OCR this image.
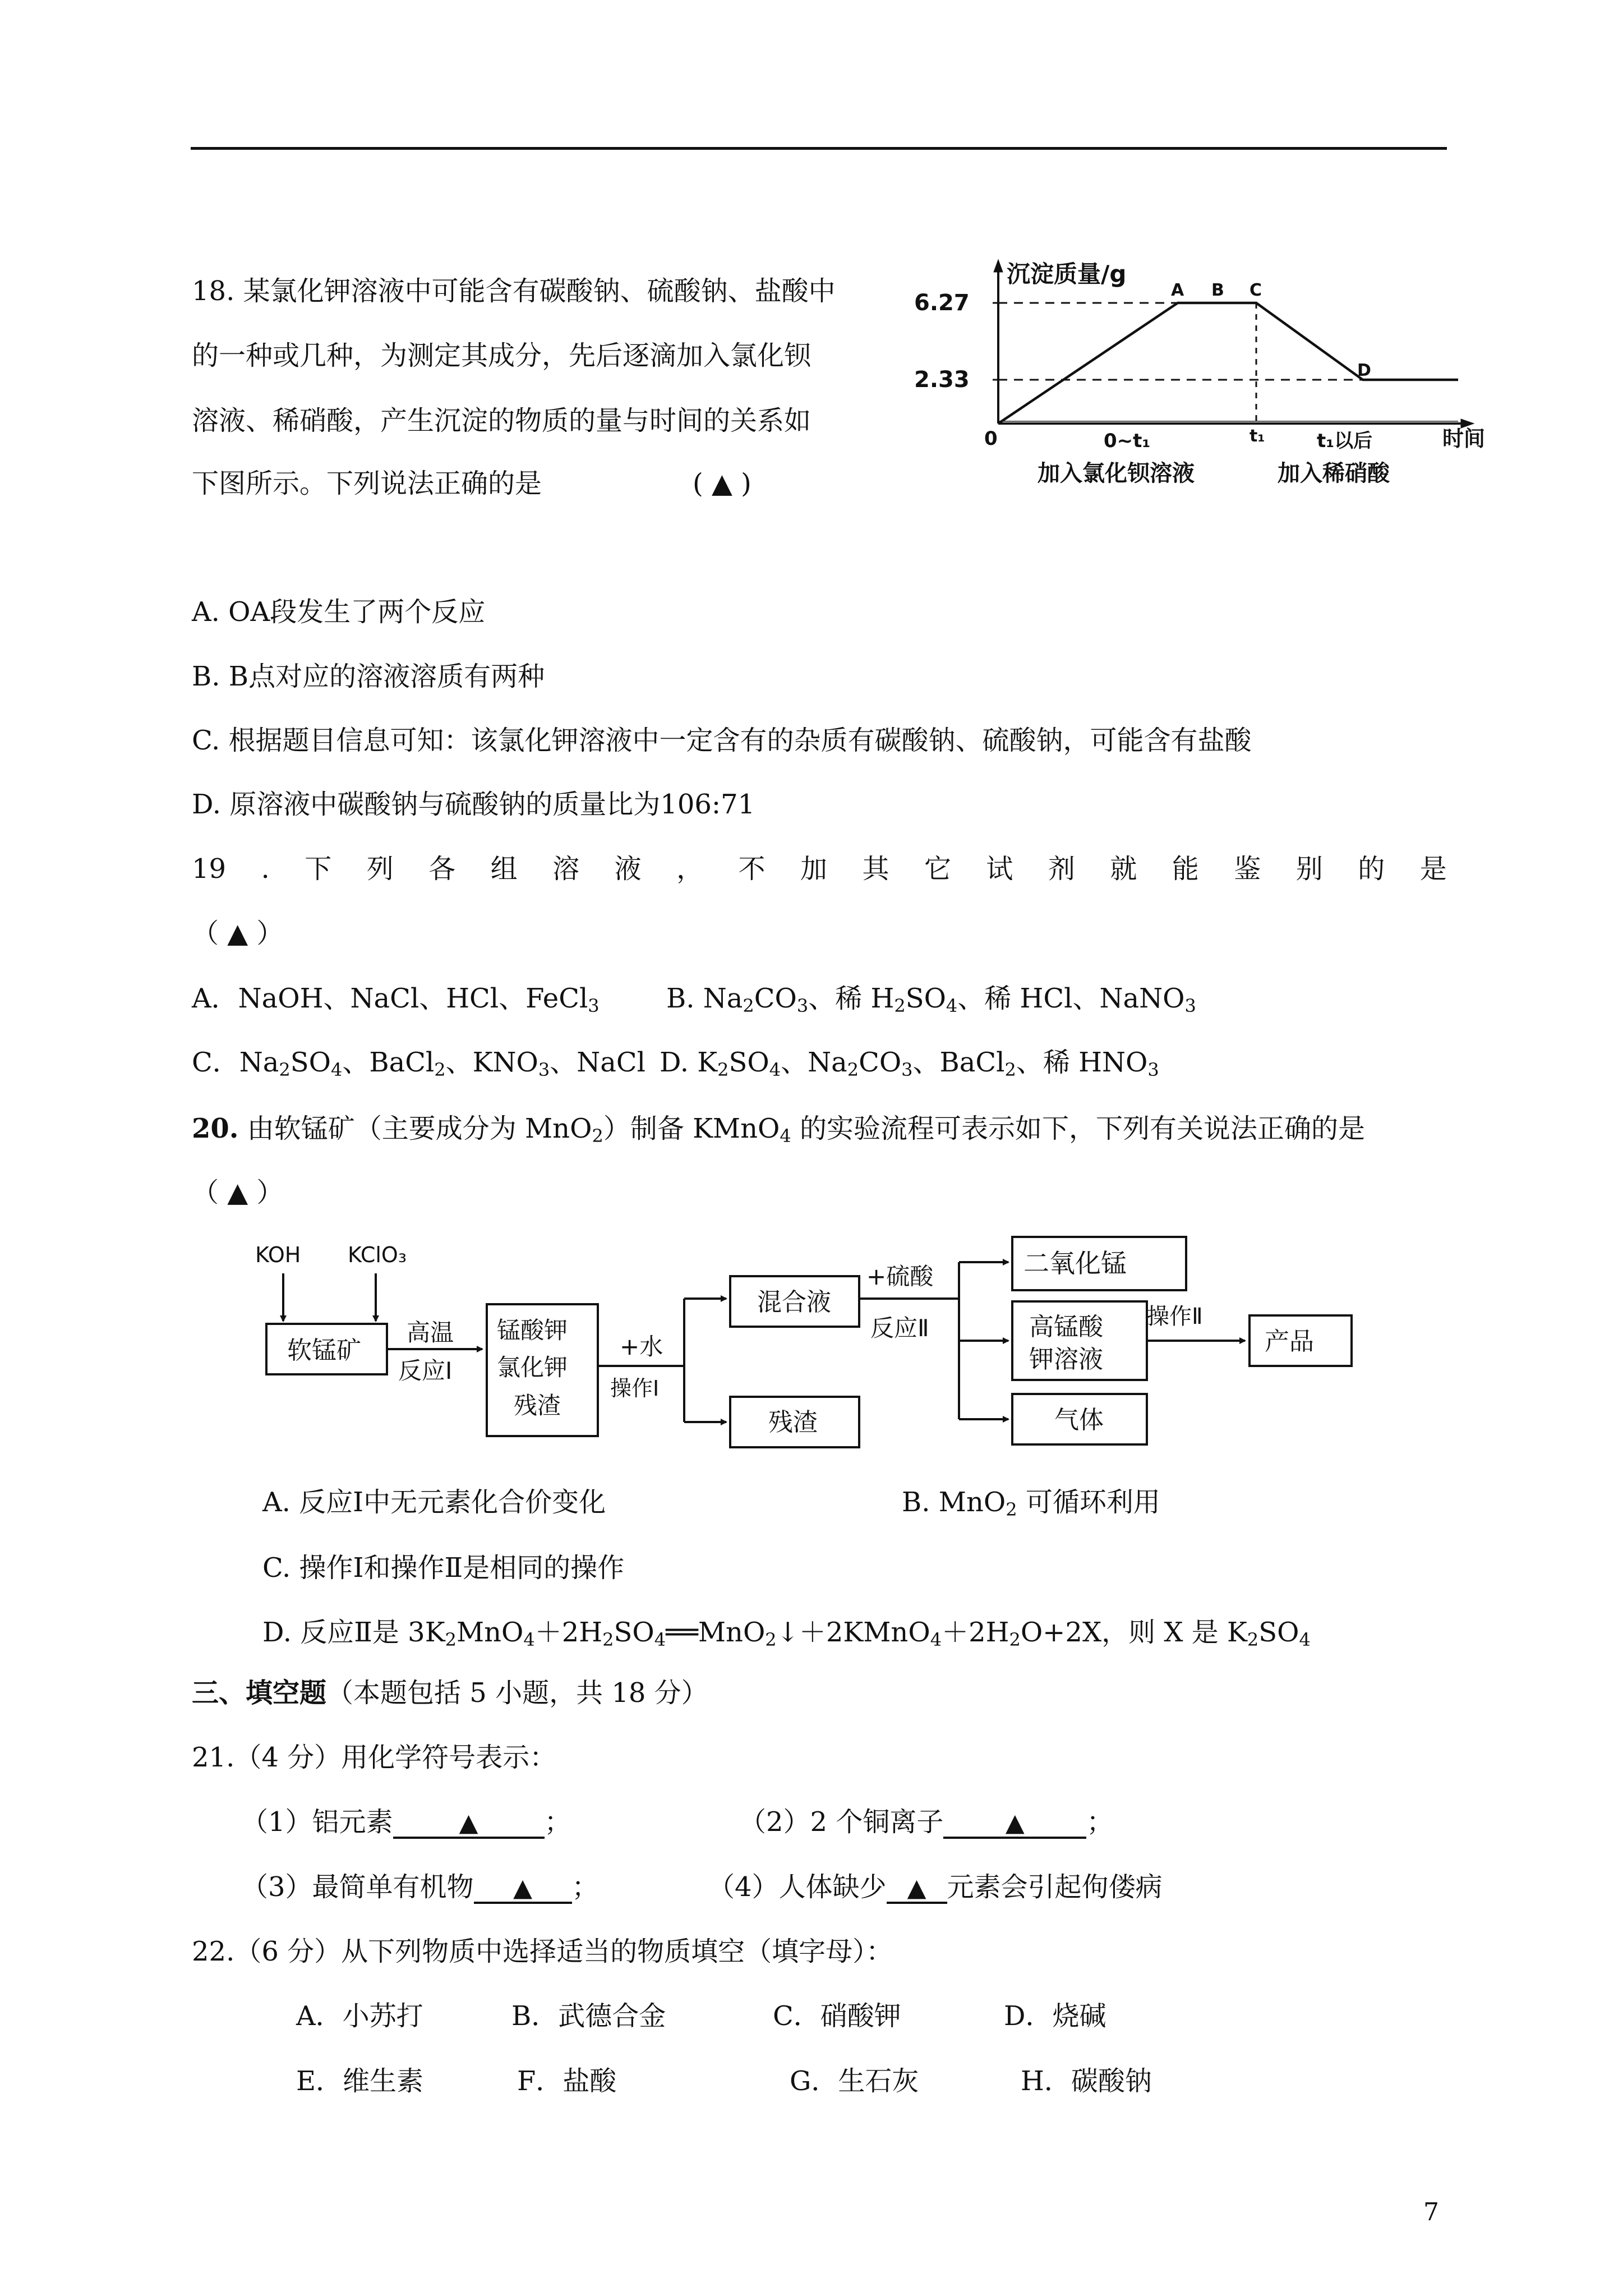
18. 某氯化钾溶液中可能含有碳酸钠、硫酸钠、盐酸中
的一种或几种，为测定其成分，先后逐滴加入氯化钡
溶液、稀硝酸，产生沉淀的物质的量与时间的关系如
下图所示。下列说法正确的是	( ▲ )
沉淀质量/g
6.27
2.33
0
A B C
D
0~t₁	t₁	t₁以后	时间
加入氯化钡溶液	加入稀硝酸
A. OA段发生了两个反应
B. B点对应的溶液溶质有两种
C. 根据题目信息可知：该氯化钾溶液中一定含有的杂质有碳酸钠、硫酸钠，可能含有盐酸
D. 原溶液中碳酸钠与硫酸钠的质量比为106:71
19 . 下 列 各 组 溶 液 ， 不 加 其 它 试 剂 就 能 鉴 别 的 是
（ ▲ ）
A．NaOH、NaCl、HCl、FeCl$_3$ B. $Na_2CO_3$、稀 $H_2SO_4$、稀 HCl、NaNO$_3$
C．$Na_2SO_4$、BaCl$_2$、$KNO_3$、NaCl D. $K_2SO_4$、$Na_2CO_3$、BaCl$_2$、稀 $HNO_3$
20. 由软锰矿（主要成分为 MnO$_2$）制备 KMnO$_4$ 的实验流程可表示如下，下列有关说法正确的是
（ ▲ ）
KOH KClO₃
软锰矿
高温
反应Ⅰ
锰酸钾
氯化钾
残渣
+水
操作Ⅰ
混合液
残渣
+硫酸
反应Ⅱ
二氧化锰
高锰酸
钾溶液
气体
操作Ⅱ
产品
A. 反应Ⅰ中无元素化合价变化	B. MnO$_2$ 可循环利用
C. 操作Ⅰ和操作Ⅱ是相同的操作
D. 反应Ⅱ是 $3K_2MnO_4+2H_2SO_4══MnO_2↓+2KMnO_4+2H_2O+2X$，则 X 是 $K_2SO_4$
三、填空题（本题包括 5 小题，共 18 分）
21.（4 分）用化学符号表示：
（1）铝元素	▲ ；	（2）2 个铜离子	▲ ；
（3）最简单有机物 ▲ ；	（4）人体缺少 ▲ 元素会引起佝偻病
22.（6 分）从下列物质中选择适当的物质填空（填字母）：
A．小苏打	B．武德合金	C．硝酸钾	D．烧碱
E．维生素	F．盐酸	G．生石灰	H．碳酸钠
7
